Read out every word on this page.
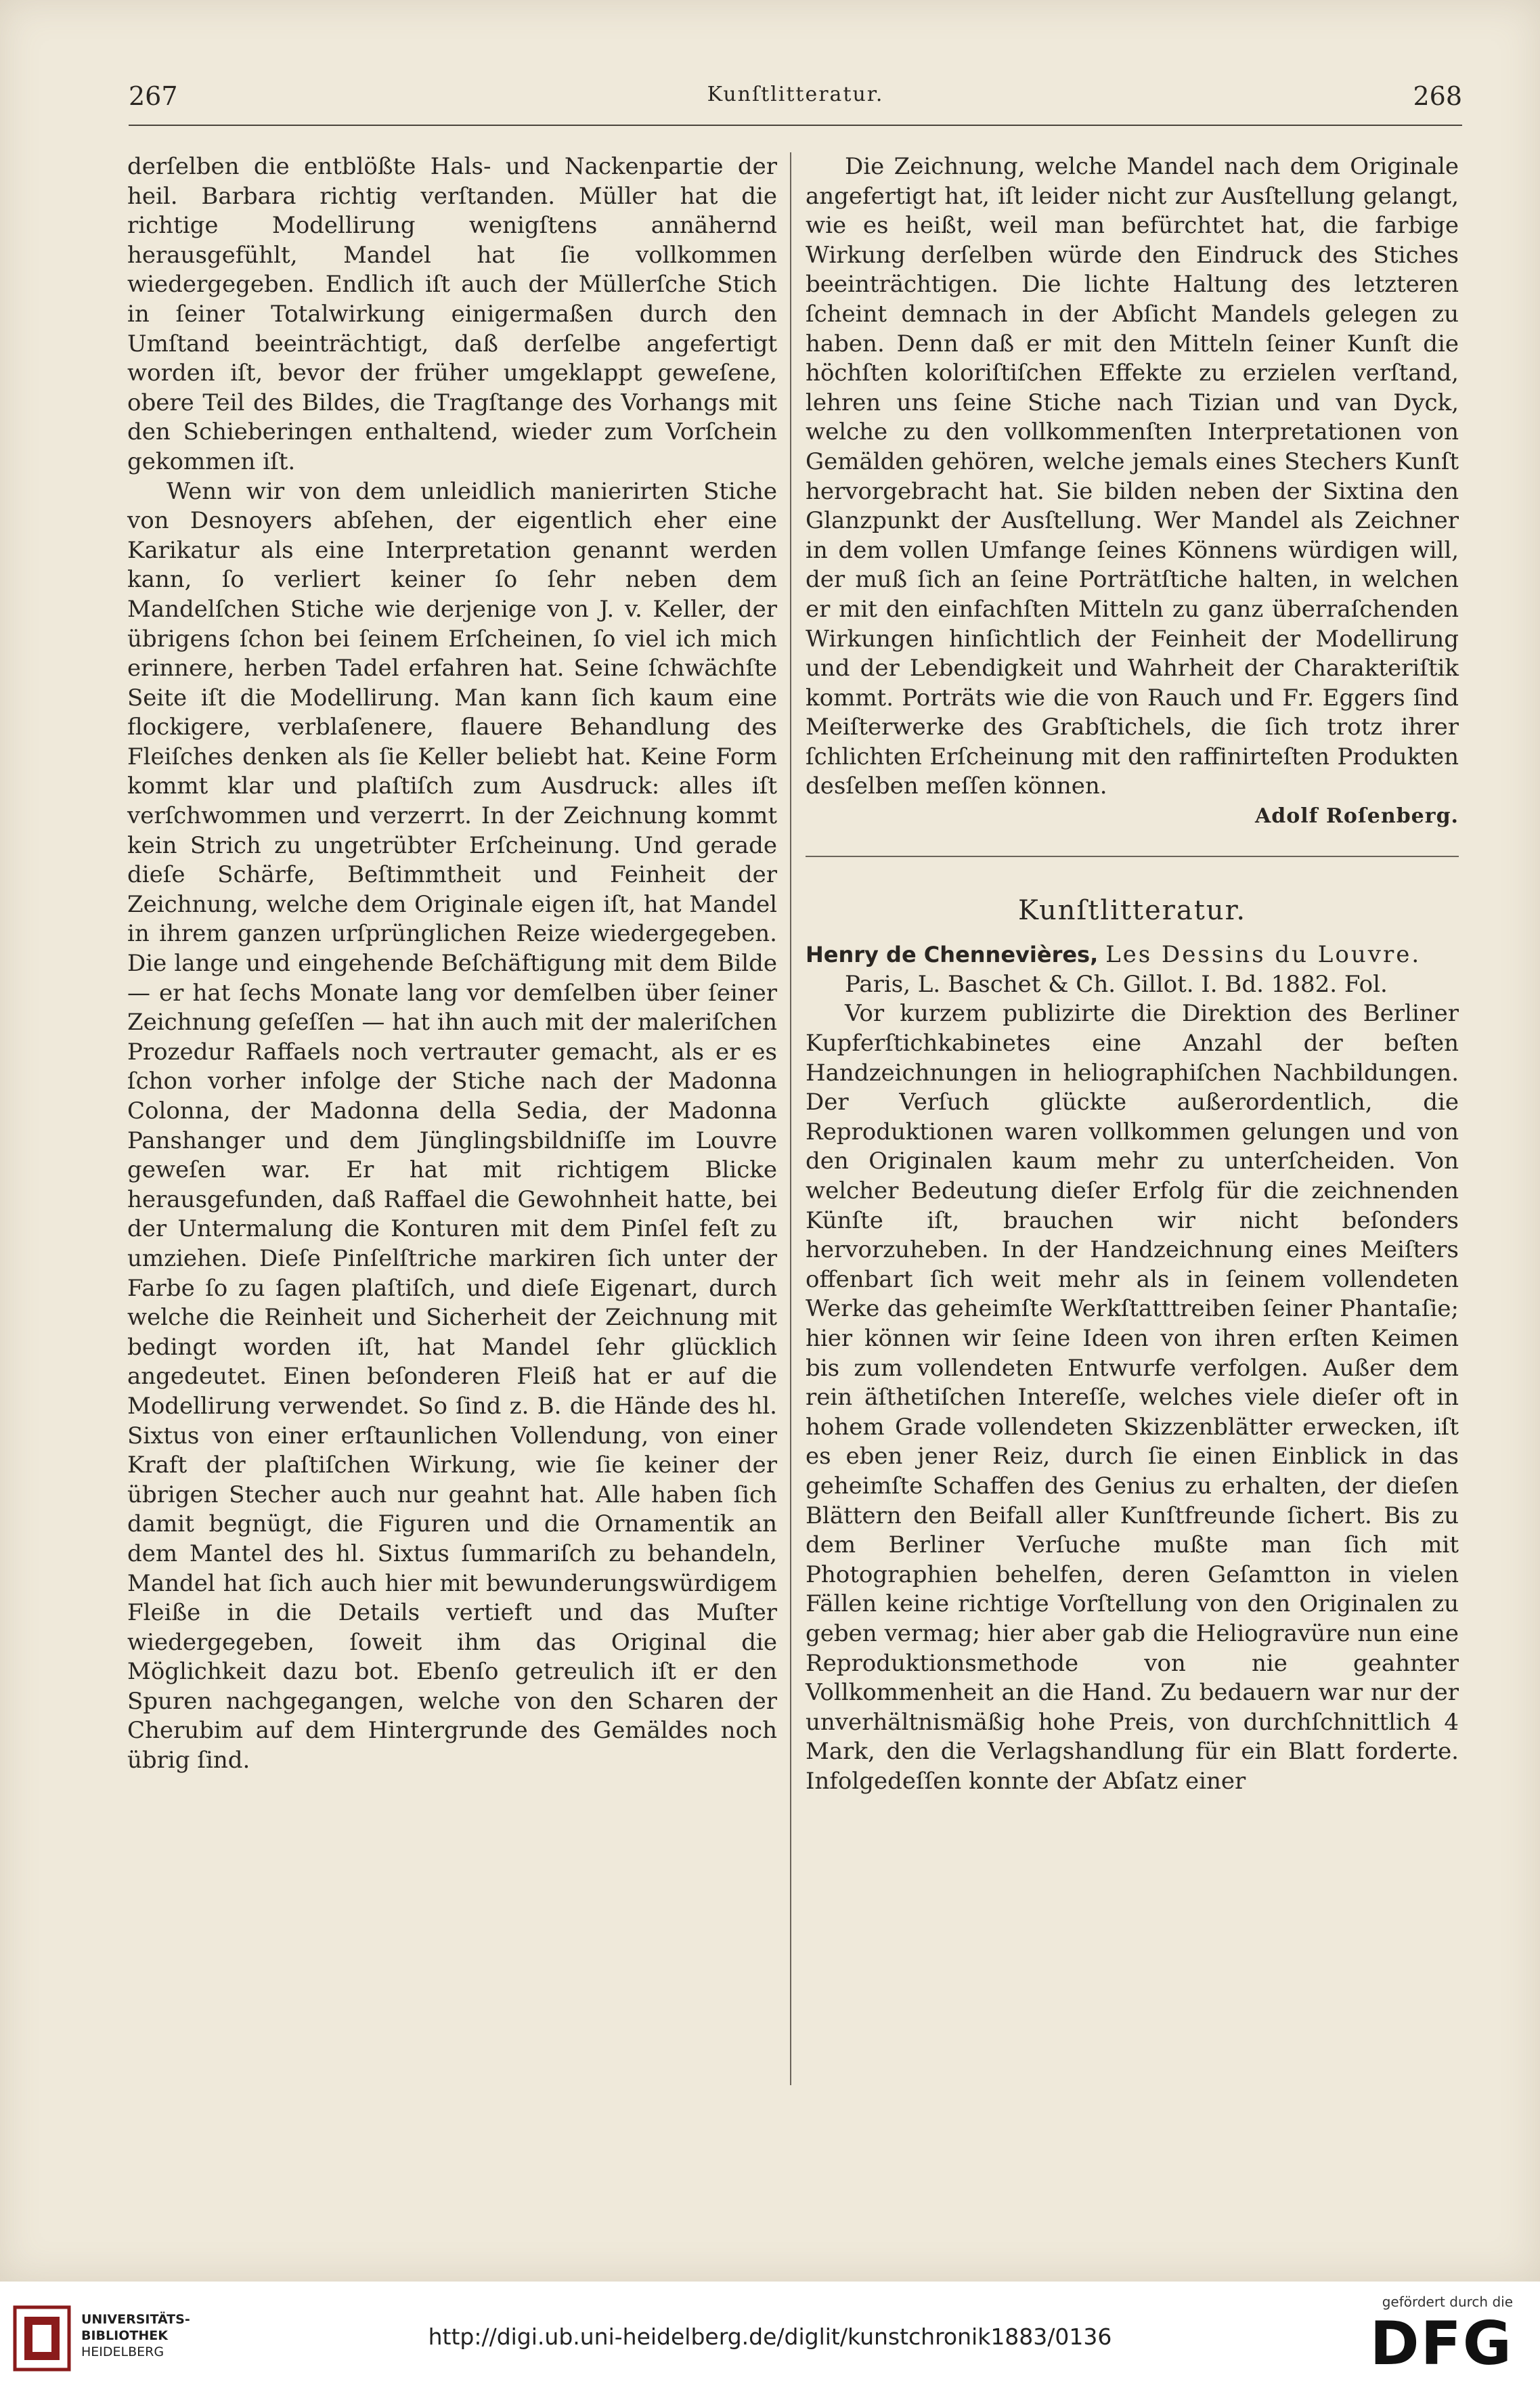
267	Kunſtlitteratur.	268

derſelben die entblößte Hals- und Nackenpartie der heil. Barbara richtig verſtanden. Müller hat die richtige Modellirung wenigſtens annähernd herausgefühlt, Mandel hat ſie vollkommen wiedergegeben. Endlich iſt auch der Müllerſche Stich in ſeiner Totalwirkung einigermaßen durch den Umſtand beeinträchtigt, daß derſelbe angefertigt worden iſt, bevor der früher umgeklappt geweſene, obere Teil des Bildes, die Tragſtange des Vorhangs mit den Schieberingen enthaltend, wieder zum Vorſchein gekommen iſt.

Wenn wir von dem unleidlich manierirten Stiche von Desnoyers abſehen, der eigentlich eher eine Karikatur als eine Interpretation genannt werden kann, ſo verliert keiner ſo ſehr neben dem Mandelſchen Stiche wie derjenige von J. v. Keller, der übrigens ſchon bei ſeinem Erſcheinen, ſo viel ich mich erinnere, herben Tadel erfahren hat. Seine ſchwächſte Seite iſt die Modellirung. Man kann ſich kaum eine flockigere, verblaſenere, flauere Behandlung des Fleiſches denken als ſie Keller beliebt hat. Keine Form kommt klar und plaſtiſch zum Ausdruck: alles iſt verſchwommen und verzerrt. In der Zeichnung kommt kein Strich zu ungetrübter Erſcheinung. Und gerade dieſe Schärfe, Beſtimmtheit und Feinheit der Zeichnung, welche dem Originale eigen iſt, hat Mandel in ihrem ganzen urſprünglichen Reize wiedergegeben. Die lange und eingehende Beſchäftigung mit dem Bilde — er hat ſechs Monate lang vor demſelben über ſeiner Zeichnung geſeſſen — hat ihn auch mit der maleriſchen Prozedur Raffaels noch vertrauter gemacht, als er es ſchon vorher infolge der Stiche nach der Madonna Colonna, der Madonna della Sedia, der Madonna Panshanger und dem Jünglingsbildniſſe im Louvre geweſen war. Er hat mit richtigem Blicke herausgefunden, daß Raffael die Gewohnheit hatte, bei der Untermalung die Konturen mit dem Pinſel feſt zu umziehen. Dieſe Pinſelſtriche markiren ſich unter der Farbe ſo zu ſagen plaſtiſch, und dieſe Eigenart, durch welche die Reinheit und Sicherheit der Zeichnung mit bedingt worden iſt, hat Mandel ſehr glücklich angedeutet. Einen beſonderen Fleiß hat er auf die Modellirung verwendet. So ſind z. B. die Hände des hl. Sixtus von einer erſtaunlichen Vollendung, von einer Kraft der plaſtiſchen Wirkung, wie ſie keiner der übrigen Stecher auch nur geahnt hat. Alle haben ſich damit begnügt, die Figuren und die Ornamentik an dem Mantel des hl. Sixtus ſummariſch zu behandeln, Mandel hat ſich auch hier mit bewunderungswürdigem Fleiße in die Details vertieft und das Muſter wiedergegeben, ſoweit ihm das Original die Möglichkeit dazu bot. Ebenſo getreulich iſt er den Spuren nachgegangen, welche von den Scharen der Cherubim auf dem Hintergrunde des Gemäldes noch übrig ſind.

Die Zeichnung, welche Mandel nach dem Originale angefertigt hat, iſt leider nicht zur Ausſtellung gelangt, wie es heißt, weil man befürchtet hat, die farbige Wirkung derſelben würde den Eindruck des Stiches beeinträchtigen. Die lichte Haltung des letzteren ſcheint demnach in der Abſicht Mandels gelegen zu haben. Denn daß er mit den Mitteln ſeiner Kunſt die höchſten koloriſtiſchen Effekte zu erzielen verſtand, lehren uns ſeine Stiche nach Tizian und van Dyck, welche zu den vollkommenſten Interpretationen von Gemälden gehören, welche jemals eines Stechers Kunſt hervorgebracht hat. Sie bilden neben der Sixtina den Glanzpunkt der Ausſtellung. Wer Mandel als Zeichner in dem vollen Umfange ſeines Könnens würdigen will, der muß ſich an ſeine Porträtſtiche halten, in welchen er mit den einfachſten Mitteln zu ganz überraſchenden Wirkungen hinſichtlich der Feinheit der Modellirung und der Lebendigkeit und Wahrheit der Charakteriſtik kommt. Porträts wie die von Rauch und Fr. Eggers ſind Meiſterwerke des Grabſtichels, die ſich trotz ihrer ſchlichten Erſcheinung mit den raffinirteſten Produkten desſelben meſſen können.

Adolf Roſenberg.
Kunſtlitteratur.
Henry de Chennevières, Les Dessins du Louvre.

Paris, L. Baschet & Ch. Gillot. I. Bd. 1882. Fol.

Vor kurzem publizirte die Direktion des Berliner Kupferſtichkabinetes eine Anzahl der beſten Handzeichnungen in heliographiſchen Nachbildungen. Der Verſuch glückte außerordentlich, die Reproduktionen waren vollkommen gelungen und von den Originalen kaum mehr zu unterſcheiden. Von welcher Bedeutung dieſer Erfolg für die zeichnenden Künſte iſt, brauchen wir nicht beſonders hervorzuheben. In der Handzeichnung eines Meiſters offenbart ſich weit mehr als in ſeinem vollendeten Werke das geheimſte Werkſtatttreiben ſeiner Phantaſie; hier können wir ſeine Ideen von ihren erſten Keimen bis zum vollendeten Entwurfe verfolgen. Außer dem rein äſthetiſchen Intereſſe, welches viele dieſer oft in hohem Grade vollendeten Skizzenblätter erwecken, iſt es eben jener Reiz, durch ſie einen Einblick in das geheimſte Schaffen des Genius zu erhalten, der dieſen Blättern den Beifall aller Kunſtfreunde ſichert. Bis zu dem Berliner Verſuche mußte man ſich mit Photographien behelfen, deren Geſamtton in vielen Fällen keine richtige Vorſtellung von den Originalen zu geben vermag; hier aber gab die Heliogravüre nun eine Reproduktionsmethode von nie geahnter Vollkommenheit an die Hand. Zu bedauern war nur der unverhältnismäßig hohe Preis, von durchſchnittlich 4 Mark, den die Verlagshandlung für ein Blatt forderte. Infolgedeſſen konnte der Abſatz einer

UNIVERSITÄTS-
BIBLIOTHEK
HEIDELBERG
http://digi.ub.uni-heidelberg.de/diglit/kunstchronik1883/0136
gefördert durch die
DFG
